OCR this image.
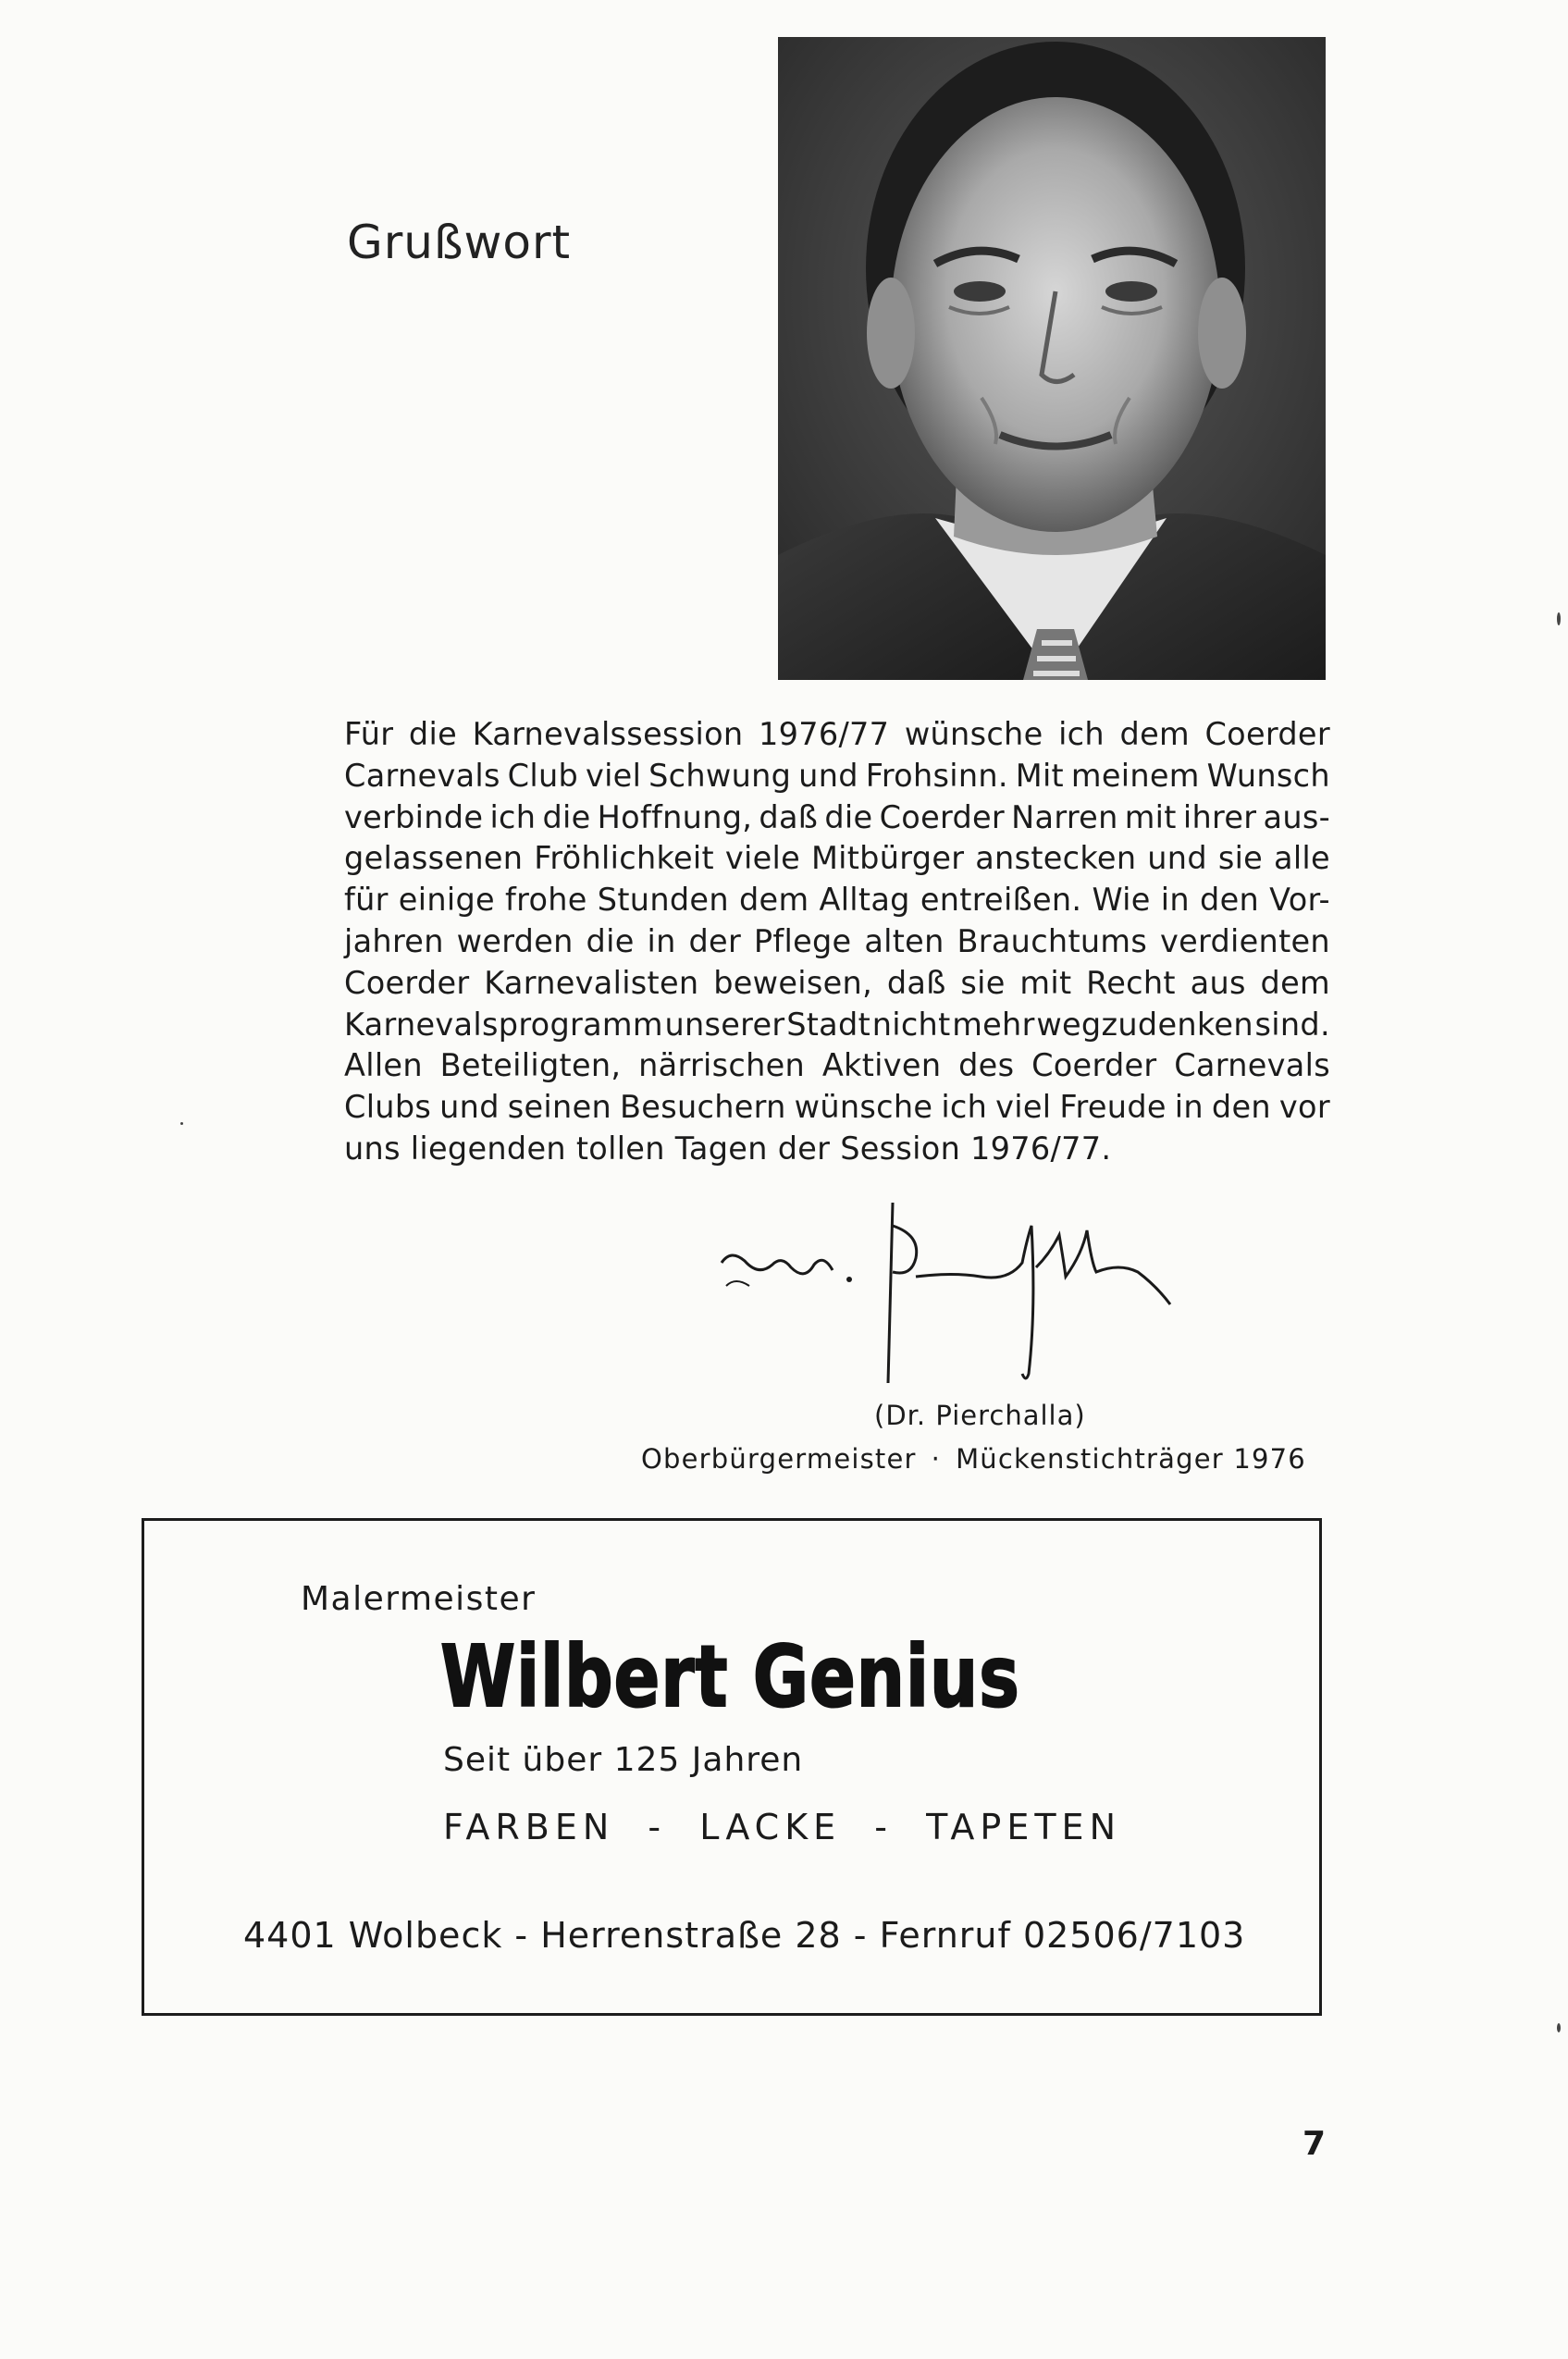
Grußwort
Für die Karnevalssession 1976/77 wünsche ich dem Coerder
Carnevals Club viel Schwung und Frohsinn. Mit meinem Wunsch
verbinde ich die Hoffnung, daß die Coerder Narren mit ihrer aus-
gelassenen Fröhlichkeit viele Mitbürger anstecken und sie alle
für einige frohe Stunden dem Alltag entreißen. Wie in den Vor-
jahren werden die in der Pflege alten Brauchtums verdienten
Coerder Karnevalisten beweisen, daß sie mit Recht aus dem
Karnevalsprogramm unserer Stadt nicht mehr wegzudenken sind.
Allen Beteiligten, närrischen Aktiven des Coerder Carnevals
Clubs und seinen Besuchern wünsche ich viel Freude in den vor
uns liegenden tollen Tagen der Session 1976/77.
(Dr. Pierchalla)
Oberbürgermeister · Mückenstichträger 1976
Malermeister
Wilbert Genius
Seit über 125 Jahren
FARBEN  -  LACKE  -  TAPETEN
4401 Wolbeck - Herrenstraße 28 - Fernruf 02506/7103
7
